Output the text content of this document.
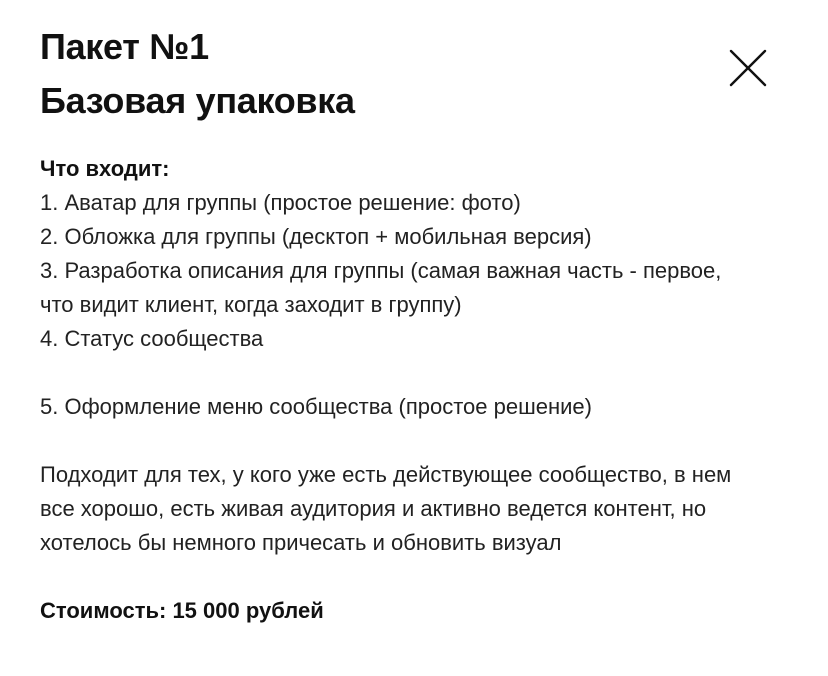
Пакет №1
Базовая упаковка

Что входит:

1. Аватар для группы (простое решение: фото)

2. Обложка для группы (десктоп + мобильная версия)

3. Разработка описания для группы (самая важная часть - первое,

что видит клиент, когда заходит в группу)

4. Статус сообщества

5. Оформление меню сообщества (простое решение)

Подходит для тех, у кого уже есть действующее сообщество, в нем

все хорошо, есть живая аудитория и активно ведется контент, но

хотелось бы немного причесать и обновить визуал

Стоимость: 15 000 рублей
